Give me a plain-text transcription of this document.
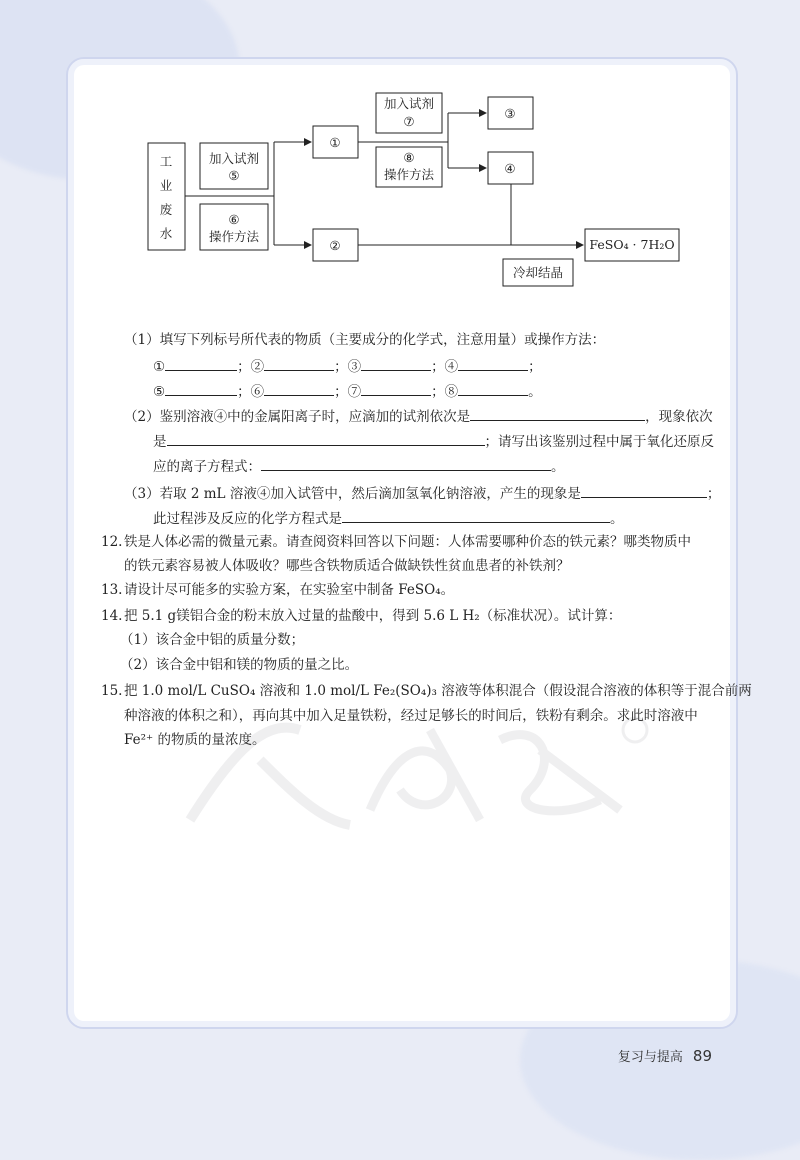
工
业
废
水
加入试剂
⑤
⑥
操作方法
①
②
加入试剂
⑦
⑧
操作方法
③
④
FeSO₄ · 7H₂O
冷却结晶
（1）填写下列标号所代表的物质（主要成分的化学式，注意用量）或操作方法：
①	；②	；③	；④	；
⑤	；⑥	；⑦	；⑧	。
（2）鉴别溶液④中的金属阳离子时，应滴加的试剂依次是	，现象依次
是	；请写出该鉴别过程中属于氧化还原反
应的离子方程式：	。
（3）若取 2 mL 溶液④加入试管中，然后滴加氢氧化钠溶液，产生的现象是	；
此过程涉及反应的化学方程式是	。
12. 铁是人体必需的微量元素。请查阅资料回答以下问题：人体需要哪种价态的铁元素？哪类物质中
的铁元素容易被人体吸收？哪些含铁物质适合做缺铁性贫血患者的补铁剂？
13. 请设计尽可能多的实验方案，在实验室中制备 FeSO₄。
14. 把 5.1 g镁铝合金的粉末放入过量的盐酸中，得到 5.6 L H₂（标准状况）。试计算：
（1）该合金中铝的质量分数；
（2）该合金中铝和镁的物质的量之比。
15. 把 1.0 mol/L CuSO₄ 溶液和 1.0 mol/L Fe₂(SO₄)₃ 溶液等体积混合（假设混合溶液的体积等于混合前两
种溶液的体积之和），再向其中加入足量铁粉，经过足够长的时间后，铁粉有剩余。求此时溶液中
Fe²⁺ 的物质的量浓度。
复习与提高 89
